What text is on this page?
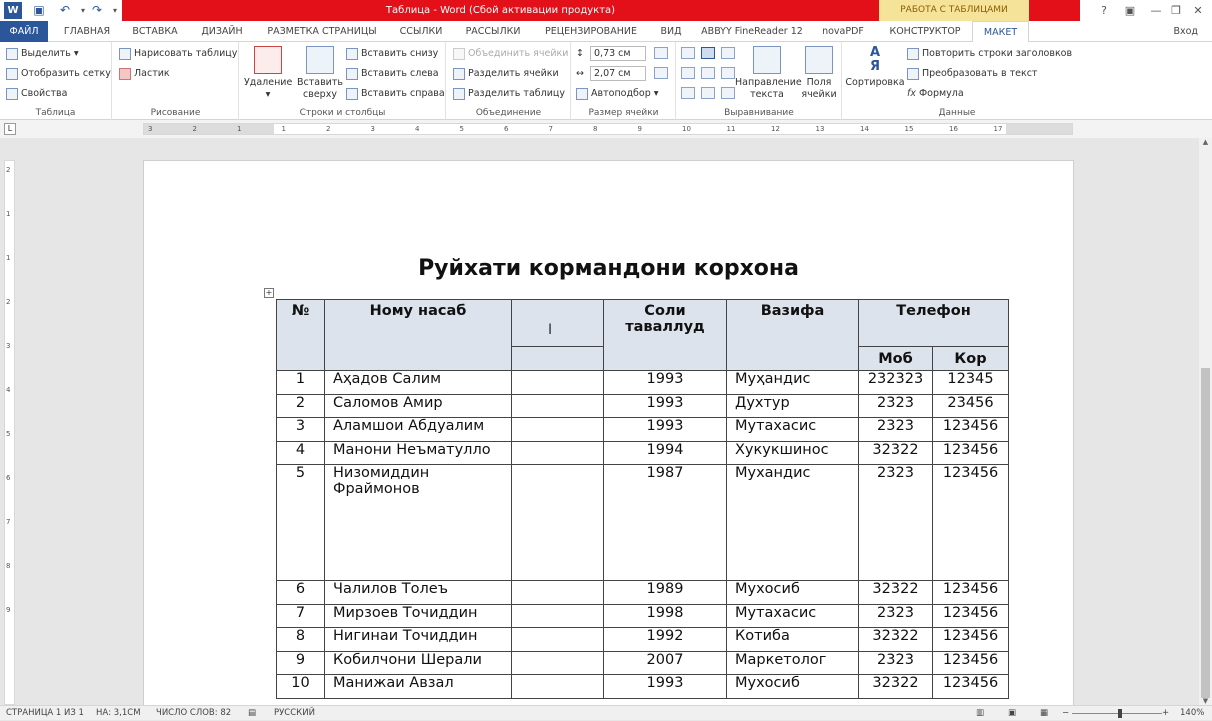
W ▣	↶	▾ ↷	▾	Таблица - Word (Сбой активации продукта)	РАБОТА С ТАБЛИЦАМИ	?	▣	— ❐	✕
ФАЙЛ	ГЛАВНАЯ	ВСТАВКА	ДИЗАЙН	РАЗМЕТКА СТРАНИЦЫ	ССЫЛКИ	РАССЫЛКИ	РЕЦЕНЗИРОВАНИЕ	ВИД	ABBYY FineReader 12	novaPDF	КОНСТРУКТОР	МАКЕТ	Вход
Выделить ▾
Отобразить сетку
Свойства
Таблица
Нарисовать таблицу
Ластик
Рисование
Удаление
▾
Вставить
сверху
Вставить снизу
Вставить слева
Вставить справа
Строки и столбцы
Объединить ячейки
Разделить ячейки
Разделить таблицу
Объединение
↕	0,73 см
↔	2,07 см
Автоподбор ▾
Размер ячейки
Направление
текста
Поля
ячейки
Выравнивание
A
Я
Сортировка
Повторить строки заголовков
Преобразовать в текст
fx Формула
Данные
L	3	2	1	1	2	3	4	5	6	7	8	9	10	11	12	13	14	15	16	17
2
1
1
2
3
4
5
6
7
8
9
Руйхати кормандони корхона
+
№	Ному насаб		Соли
таваллуд	Вазифа	Телефон	
					Моб	Кор
1	Аҳадов Салим		1993	Муҳандис	232323	12345
2	Саломов Амир		1993	Духтур	2323	23456
3	Аламшои Абдуалим		1993	Мутахасис	2323	123456
4	Манони Неъматулло		1994	Хукукшинос	32322	123456
5	Низомиддин
Фраймонов		1987	Мухандис	2323	123456
6	Чалилов Толеъ		1989	Мухосиб	32322	123456
7	Мирзоев Точиддин		1998	Мутахасис	2323	123456
8	Нигинаи Точиддин		1992	Котиба	32322	123456
9	Кобилчони Шерали		2007	Маркетолог	2323	123456
10	Манижаи Авзал		1993	Мухосиб	32322	123456
I
▲
▼
СТРАНИЦА 1 ИЗ 1 НА: 3,1СМ ЧИСЛО СЛОВ: 82 ▤ РУССКИЙ	▥	▣	▦ −	+ 140%
